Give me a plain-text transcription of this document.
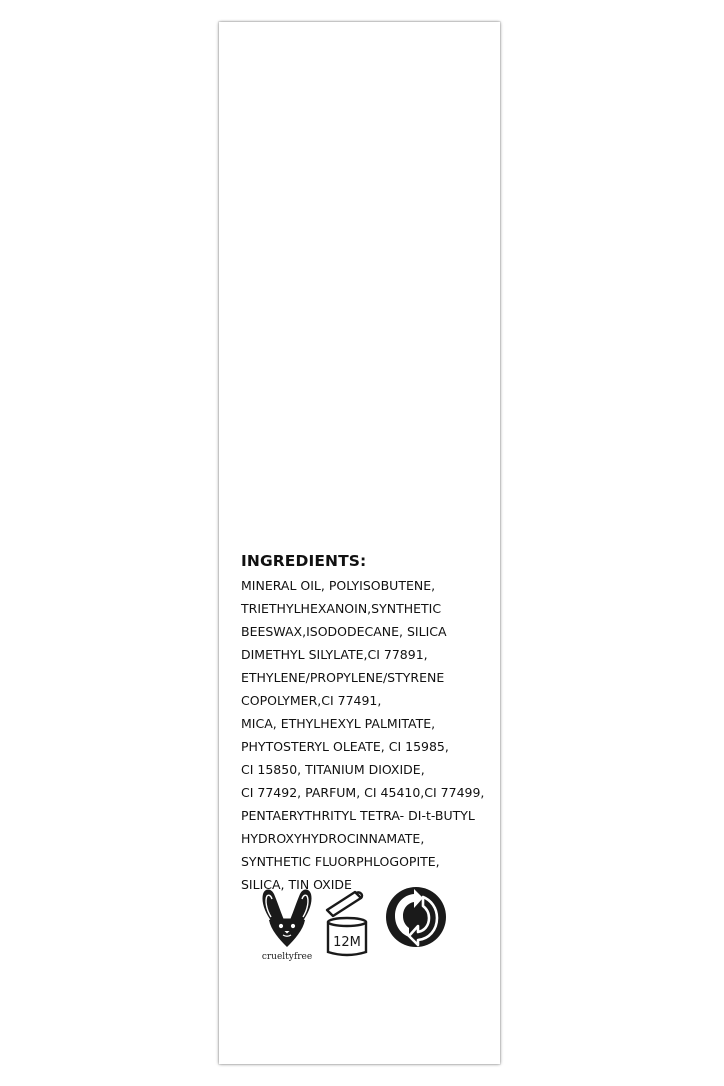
INGREDIENTS:
MINERAL OIL, POLYISOBUTENE,
TRIETHYLHEXANOIN,SYNTHETIC
BEESWAX,ISODODECANE, SILICA
DIMETHYL SILYLATE,CI 77891,
ETHYLENE/PROPYLENE/STYRENE
COPOLYMER,CI 77491,
MICA, ETHYLHEXYL PALMITATE,
PHYTOSTERYL OLEATE, CI 15985,
CI 15850, TITANIUM DIOXIDE,
CI 77492, PARFUM, CI 45410,CI 77499,
PENTAERYTHRITYL TETRA- DI-t-BUTYL
HYDROXYHYDROCINNAMATE,
SYNTHETIC FLUORPHLOGOPITE,
SILICA, TIN OXIDE
crueltyfree
12M
